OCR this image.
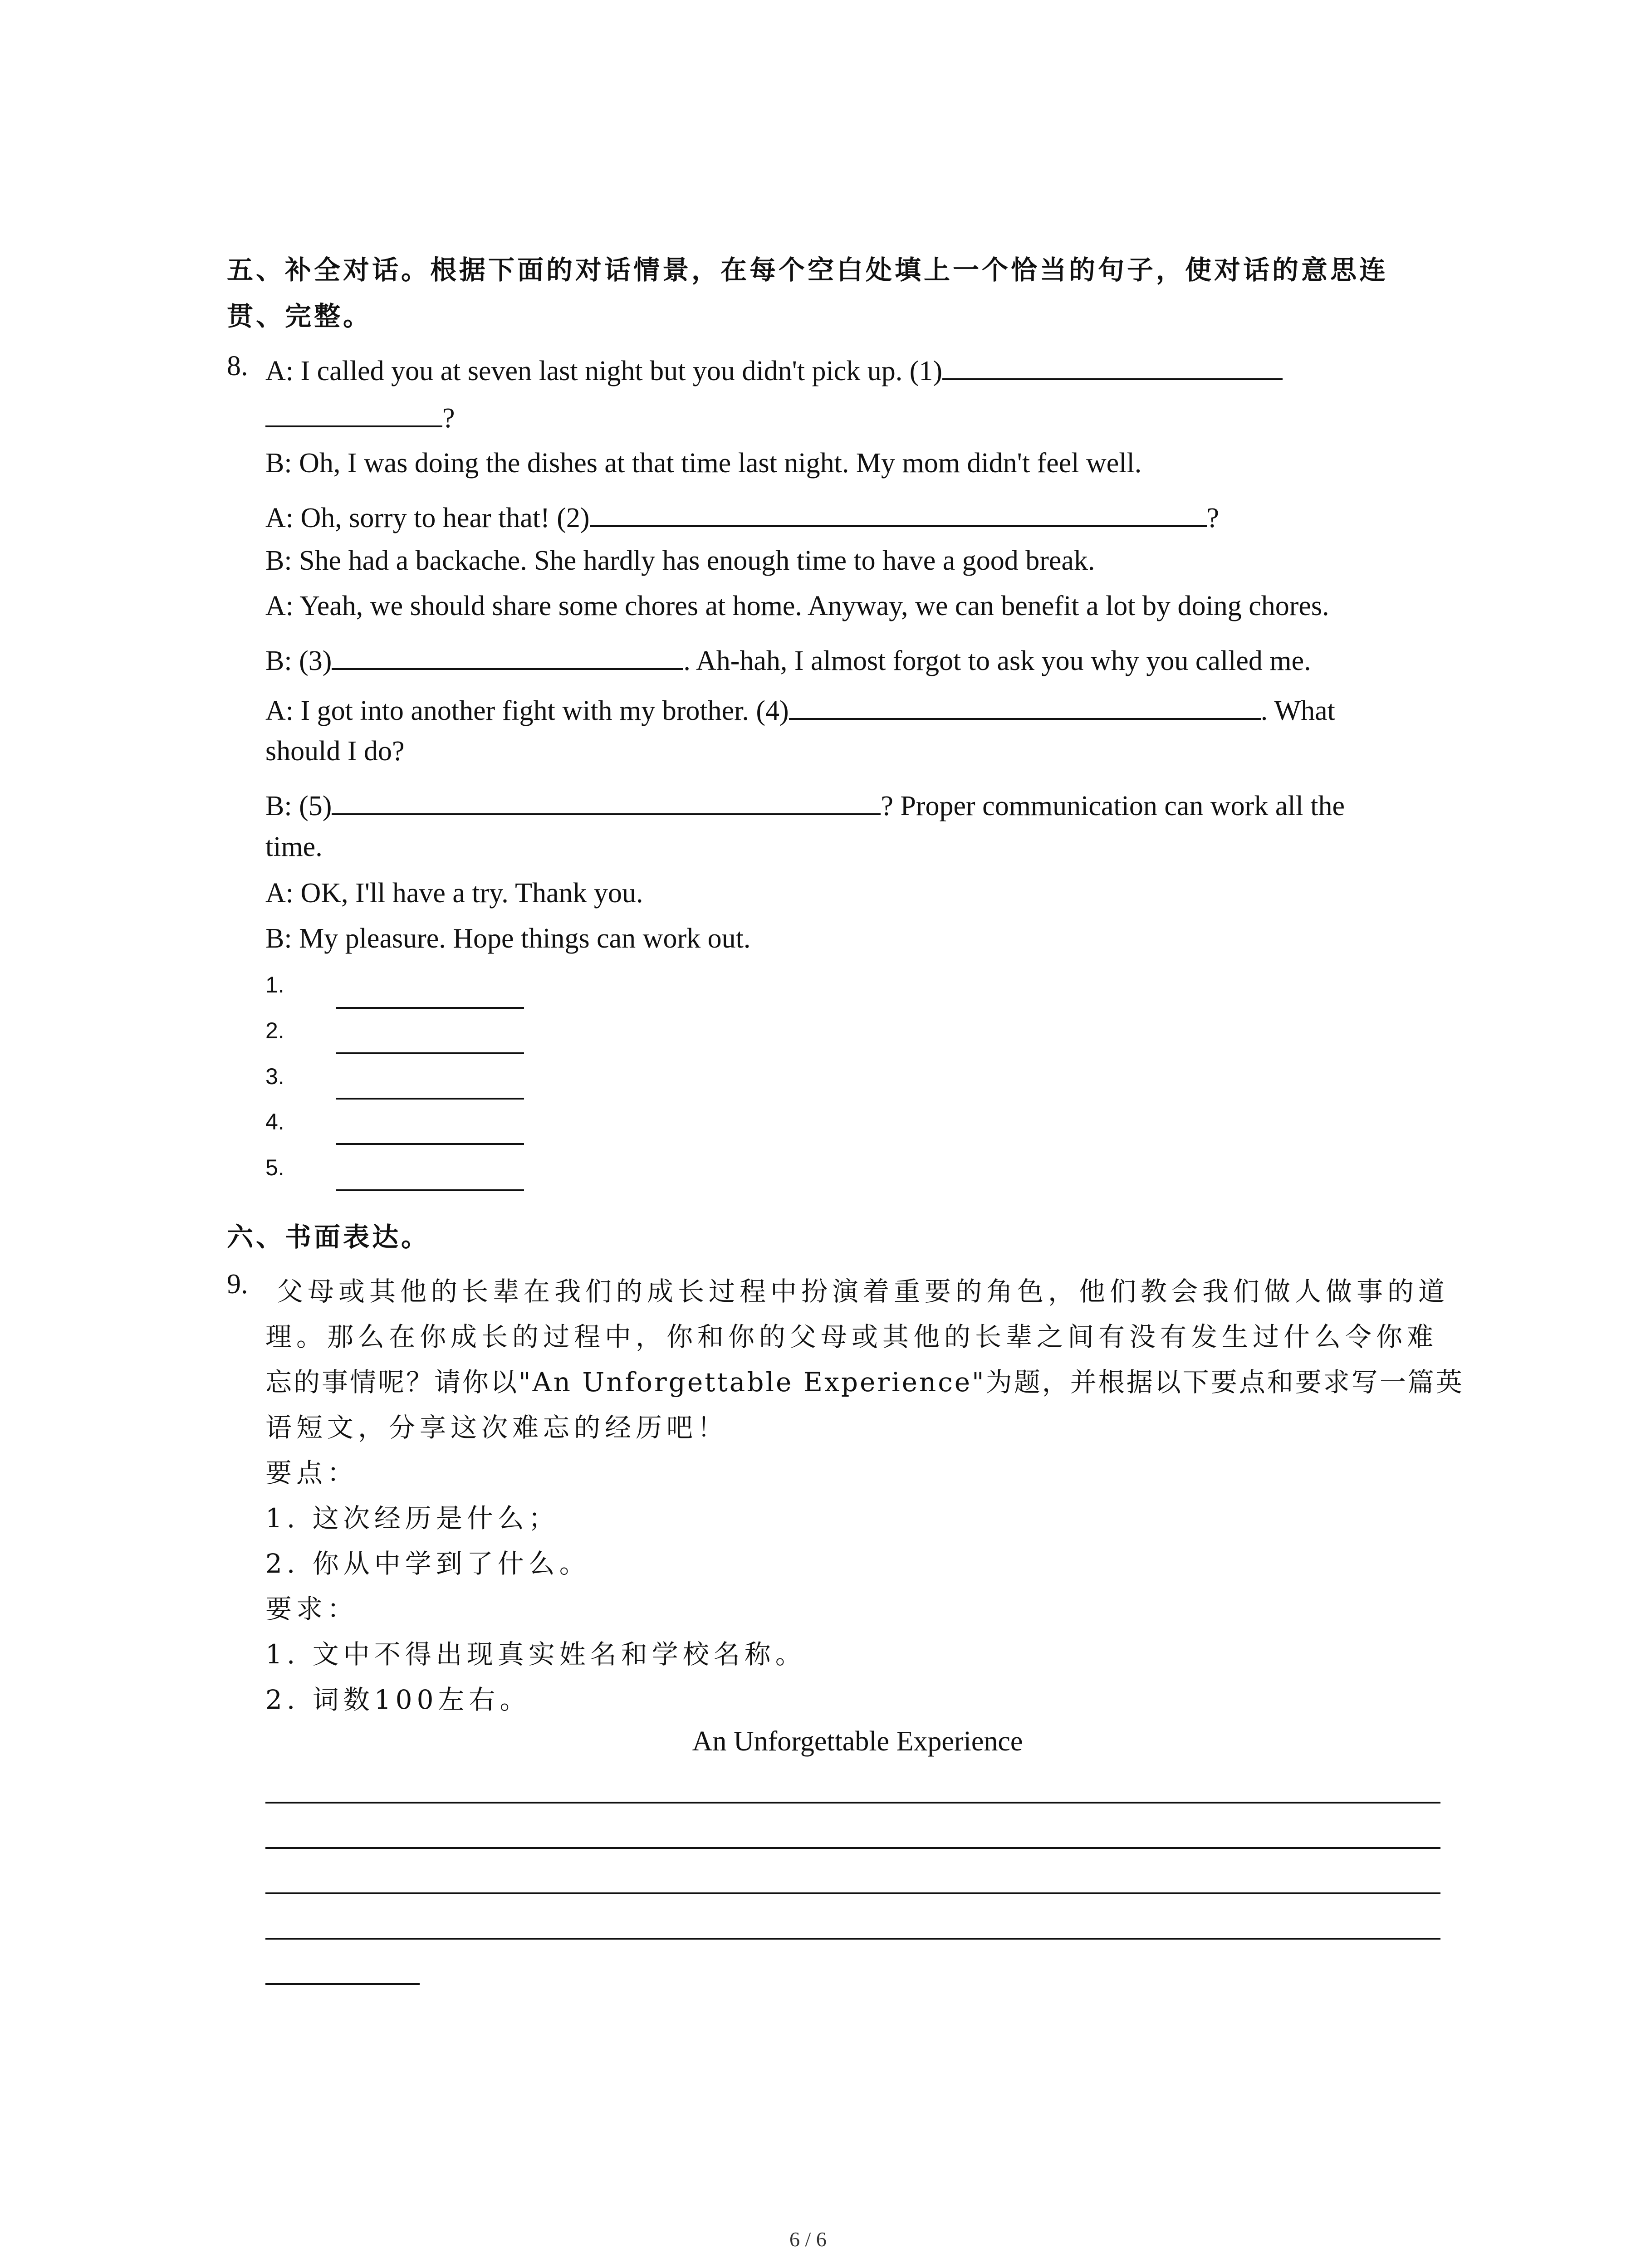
五、补全对话。根据下面的对话情景，在每个空白处填上一个恰当的句子，使对话的意思连
贯、完整。
8. A: I called you at seven last night but you didn't pick up. (1)
?
B: Oh, I was doing the dishes at that time last night. My mom didn't feel well.
A: Oh, sorry to hear that! (2)	?
B: She had a backache. She hardly has enough time to have a good break.
A: Yeah, we should share some chores at home. Anyway, we can benefit a lot by doing chores.
B: (3)	. Ah-hah, I almost forgot to ask you why you called me.
A: I got into another fight with my brother. (4)	. What
should I do?
B: (5)	? Proper communication can work all the
time.
A: OK, I'll have a try. Thank you.
B: My pleasure. Hope things can work out.
1.
2.
3.
4.
5.
六、书面表达。
9. 父母或其他的长辈在我们的成长过程中扮演着重要的角色，他们教会我们做人做事的道
理。那么在你成长的过程中，你和你的父母或其他的长辈之间有没有发生过什么令你难
忘的事情呢？请你以"An Unforgettable Experience"为题，并根据以下要点和要求写一篇英
语短文，分享这次难忘的经历吧！
要点：
1. 这次经历是什么；
2. 你从中学到了什么。
要求：
1. 文中不得出现真实姓名和学校名称。
2. 词数100左右。
An Unforgettable Experience
6 / 6
